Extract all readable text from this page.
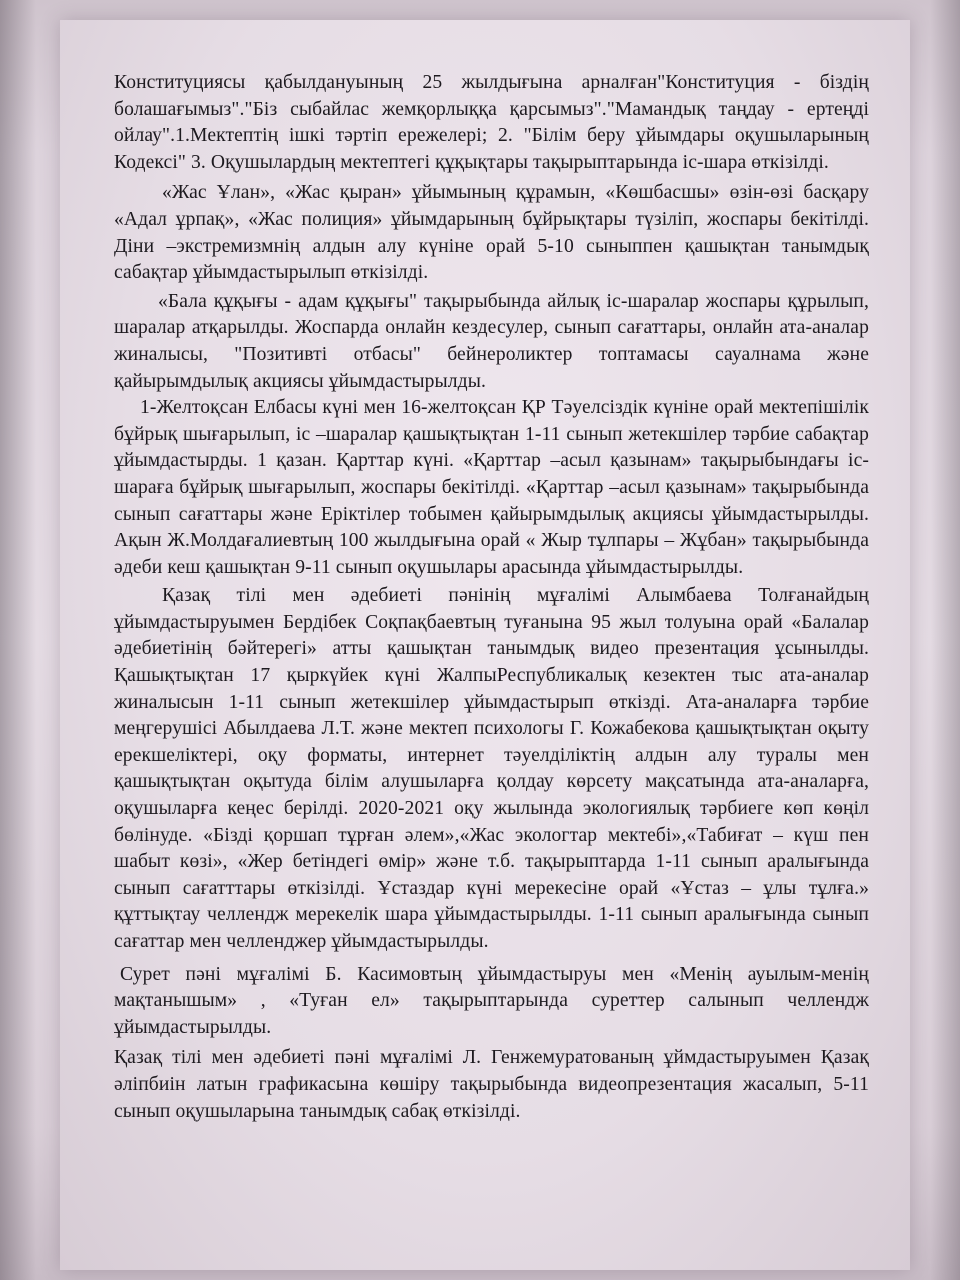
Конституциясы қабылдануының 25 жылдығына арналған"Конституция - біздің болашағымыз"."Біз сыбайлас жемқорлыққа қарсымыз"."Мамандық таңдау - ертеңді ойлау".1.Мектептің ішкі тәртіп ережелері; 2. "Білім беру ұйымдары оқушыларының Кодексі" 3. Оқушылардың мектептегі құқықтары тақырыптарында іс-шара өткізілді.

«Жас Ұлан», «Жас қыран» ұйымының құрамын, «Көшбасшы» өзін-өзі басқару «Адал ұрпақ», «Жас полиция» ұйымдарының бұйрықтары түзіліп, жоспары бекітілді. Діни –экстремизмнің алдын алу күніне орай 5-10 сыныппен қашықтан танымдық сабақтар ұйымдастырылып өткізілді.

«Бала құқығы - адам құқығы" тақырыбында айлық іс-шаралар жоспары құрылып, шаралар атқарылды. Жоспарда онлайн кездесулер, сынып сағаттары, онлайн ата-аналар жиналысы, "Позитивті отбасы" бейнероликтер топтамасы сауалнама және қайырымдылық акциясы ұйымдастырылды.

1-Желтоқсан Елбасы күні мен 16-желтоқсан ҚР Тәуелсіздік күніне орай мектепішілік бұйрық шығарылып, іс –шаралар қашықтықтан 1-11 сынып жетекшілер тәрбие сабақтар ұйымдастырды. 1 қазан. Қарттар күні. «Қарттар –асыл қазынам» тақырыбындағы іс-шараға бұйрық шығарылып, жоспары бекітілді. «Қарттар –асыл қазынам» тақырыбында сынып сағаттары және Еріктілер тобымен қайырымдылық акциясы ұйымдастырылды. Ақын Ж.Молдағалиевтың 100 жылдығына орай « Жыр тұлпары – Жұбан» тақырыбында әдеби кеш қашықтан 9-11 сынып оқушылары арасында ұйымдастырылды.

Қазақ тілі мен әдебиеті пәнінің мұғалімі Алымбаева Толғанайдың ұйымдастыруымен Бердібек Соқпақбаевтың туғанына 95 жыл толуына орай «Балалар әдебиетінің бәйтерегі» атты қашықтан танымдық видео презентация ұсынылды. Қашықтықтан 17 қыркүйек күні ЖалпыРеспубликалық кезектен тыс ата-аналар жиналысын 1-11 сынып жетекшілер ұйымдастырып өткізді. Ата-аналарға тәрбие меңгерушісі Абылдаева Л.Т. және мектеп психологы Г. Кожабекова қашықтықтан оқыту ерекшеліктері, оқу форматы, интернет тәуелділіктің алдын алу туралы мен қашықтықтан оқытуда білім алушыларға қолдау көрсету мақсатында ата-аналарға, оқушыларға кеңес берілді. 2020-2021 оқу жылында экологиялық тәрбиеге көп көңіл бөлінуде. «Біздi қоршап тұрған әлем»,«Жас экологтар мектебі»,«Табиғат – күш пен шабыт көзі», «Жер бетіндегі өмір» және т.б. тақырыптарда 1-11 сынып аралығында сынып сағатттары өткізілді. Ұстаздар күні мерекесіне орай «Ұстаз – ұлы тұлға.» құттықтау челлендж мерекелік шара ұйымдастырылды. 1-11 сынып аралығында сынып сағаттар мен челленджер ұйымдастырылды.

Сурет пәні мұғалімі Б. Касимовтың ұйымдастыруы мен «Менің ауылым-менің мақтанышым» , «Туған ел» тақырыптарында суреттер салынып челлендж ұйымдастырылды.

Қазақ тілі мен әдебиеті пәні мұғалімі Л. Генжемуратованың ұймдастыруымен Қазақ әліпбиін латын графикасына көшіру тақырыбында видеопрезентация жасалып, 5-11 сынып оқушыларына танымдық сабақ өткізілді.
